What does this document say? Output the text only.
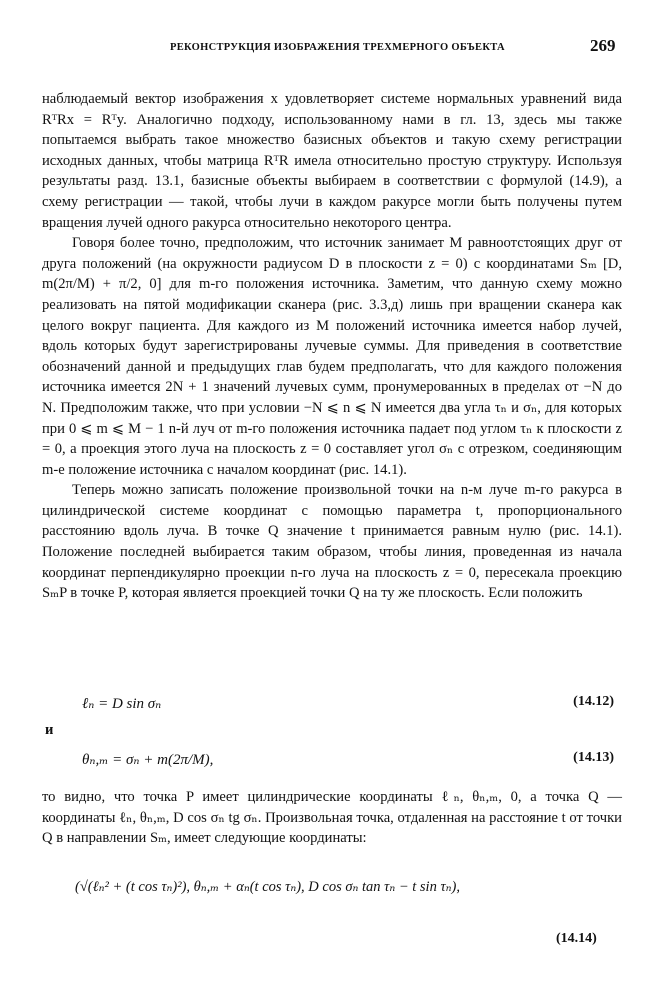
РЕКОНСТРУКЦИЯ ИЗОБРАЖЕНИЯ ТРЕХМЕРНОГО ОБЪЕКТА	269

наблюдаемый вектор изображения x удовлетворяет системе нормальных уравнений вида RᵀRx = Rᵀy. Аналогично подходу, использованному нами в гл. 13, здесь мы также попытаемся выбрать такое множество базисных объектов и такую схему регистрации исходных данных, чтобы матрица RᵀR имела относительно простую структуру. Используя результаты разд. 13.1, базисные объекты выбираем в соответствии с формулой (14.9), а схему регистрации — такой, чтобы лучи в каждом ракурсе могли быть получены путем вращения лучей одного ракурса относительно некоторого центра.

Говоря более точно, предположим, что источник занимает M равноотстоящих друг от друга положений (на окружности радиусом D в плоскости z = 0) с координатами Sₘ [D, m(2π/M) + π/2, 0] для m-го положения источника. Заметим, что данную схему можно реализовать на пятой модификации сканера (рис. 3.3,д) лишь при вращении сканера как целого вокруг пациента. Для каждого из M положений источника имеется набор лучей, вдоль которых будут зарегистрированы лучевые суммы. Для приведения в соответствие обозначений данной и предыдущих глав будем предполагать, что для каждого положения источника имеется 2N + 1 значений лучевых сумм, пронумерованных в пределах от −N до N. Предположим также, что при условии −N ⩽ n ⩽ N имеется два угла τₙ и σₙ, для которых при 0 ⩽ m ⩽ M − 1 n-й луч от m-го положения источника падает под углом τₙ к плоскости z = 0, а проекция этого луча на плоскость z = 0 составляет угол σₙ с отрезком, соединяющим m-е положение источника с началом координат (рис. 14.1).

Теперь можно записать положение произвольной точки на n-м луче m-го ракурса в цилиндрической системе координат с помощью параметра t, пропорционального расстоянию вдоль луча. В точке Q значение t принимается равным нулю (рис. 14.1). Положение последней выбирается таким образом, чтобы линия, проведенная из начала координат перпендикулярно проекции n-го луча на плоскость z = 0, пересекала проекцию SₘP в точке P, которая является проекцией точки Q на ту же плоскость. Если положить

ℓₙ = D sin σₙ	(14.12)
и
θₙ,ₘ = σₙ + m(2π/M),	(14.13)

то видно, что точка P имеет цилиндрические координаты ℓₙ, θₙ,ₘ, 0, а точка Q — координаты ℓₙ, θₙ,ₘ, D cos σₙ tg σₙ. Произвольная точка, отдаленная на расстояние t от точки Q в направлении Sₘ, имеет следующие координаты:

(√(ℓₙ² + (t cos τₙ)²), θₙ,ₘ + αₙ(t cos τₙ), D cos σₙ tan τₙ − t sin τₙ),
(14.14)
